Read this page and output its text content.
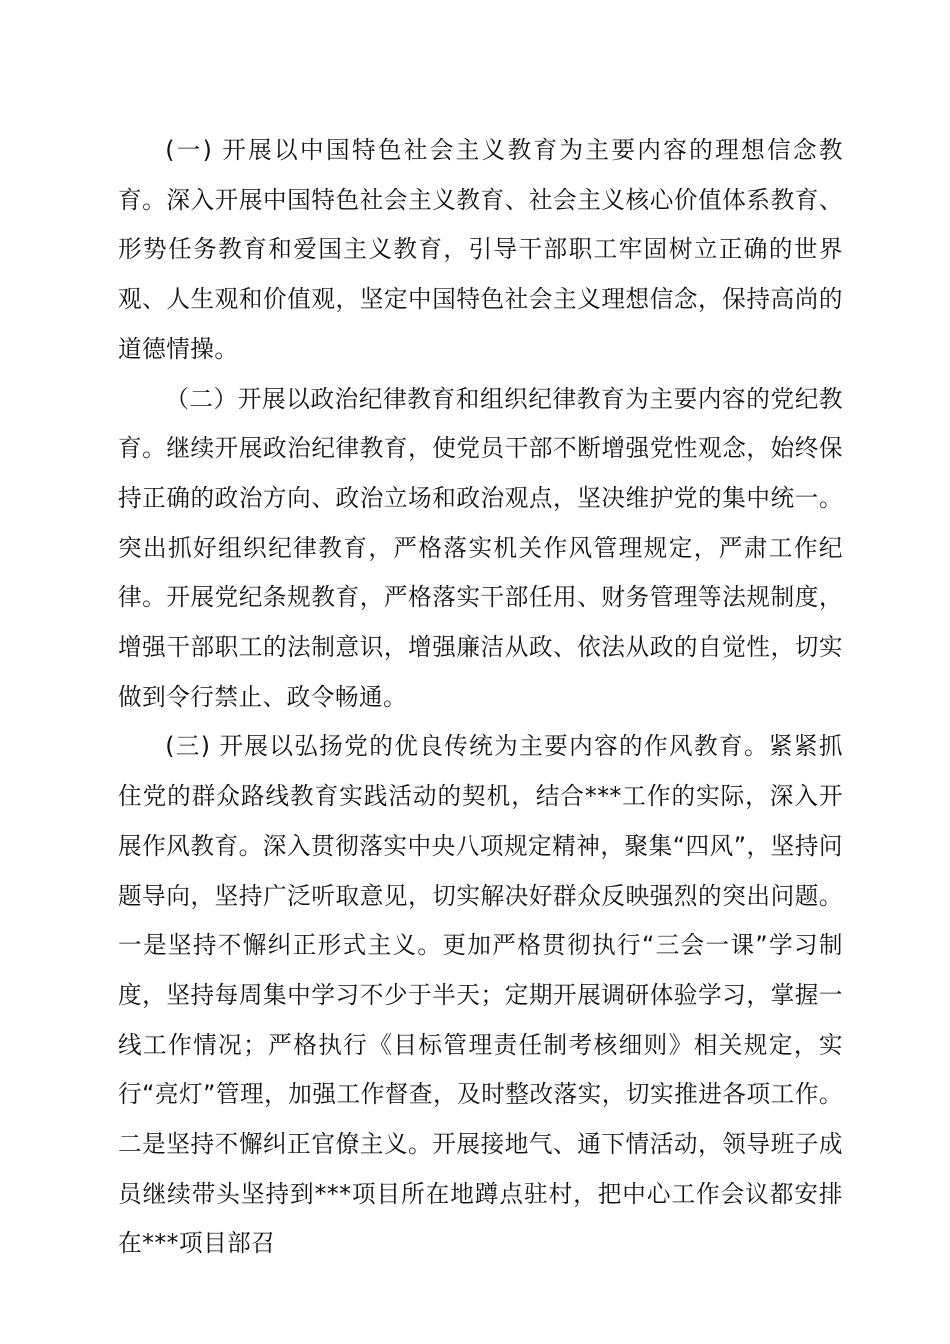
(一) 开展以中国特色社会主义教育为主要内容的理想信念教育。深入开展中国特色社会主义教育、社会主义核心价值体系教育、形势任务教育和爱国主义教育，引导干部职工牢固树立正确的世界观、人生观和价值观，坚定中国特色社会主义理想信念，保持高尚的道德情操。

（二）开展以政治纪律教育和组织纪律教育为主要内容的党纪教育。继续开展政治纪律教育，使党员干部不断增强党性观念，始终保持正确的政治方向、政治立场和政治观点，坚决维护党的集中统一。突出抓好组织纪律教育，严格落实机关作风管理规定，严肃工作纪律。开展党纪条规教育，严格落实干部任用、财务管理等法规制度，增强干部职工的法制意识，增强廉洁从政、依法从政的自觉性，切实做到令行禁止、政令畅通。

(三) 开展以弘扬党的优良传统为主要内容的作风教育。紧紧抓住党的群众路线教育实践活动的契机，结合***工作的实际，深入开展作风教育。深入贯彻落实中央八项规定精神，聚集“四风”，坚持问题导向，坚持广泛听取意见，切实解决好群众反映强烈的突出问题。一是坚持不懈纠正形式主义。更加严格贯彻执行“三会一课”学习制度，坚持每周集中学习不少于半天；定期开展调研体验学习，掌握一线工作情况；严格执行《目标管理责任制考核细则》相关规定，实行“亮灯”管理，加强工作督查，及时整改落实，切实推进各项工作。二是坚持不懈纠正官僚主义。开展接地气、通下情活动，领导班子成员继续带头坚持到***项目所在地蹲点驻村，把中心工作会议都安排在***项目部召
